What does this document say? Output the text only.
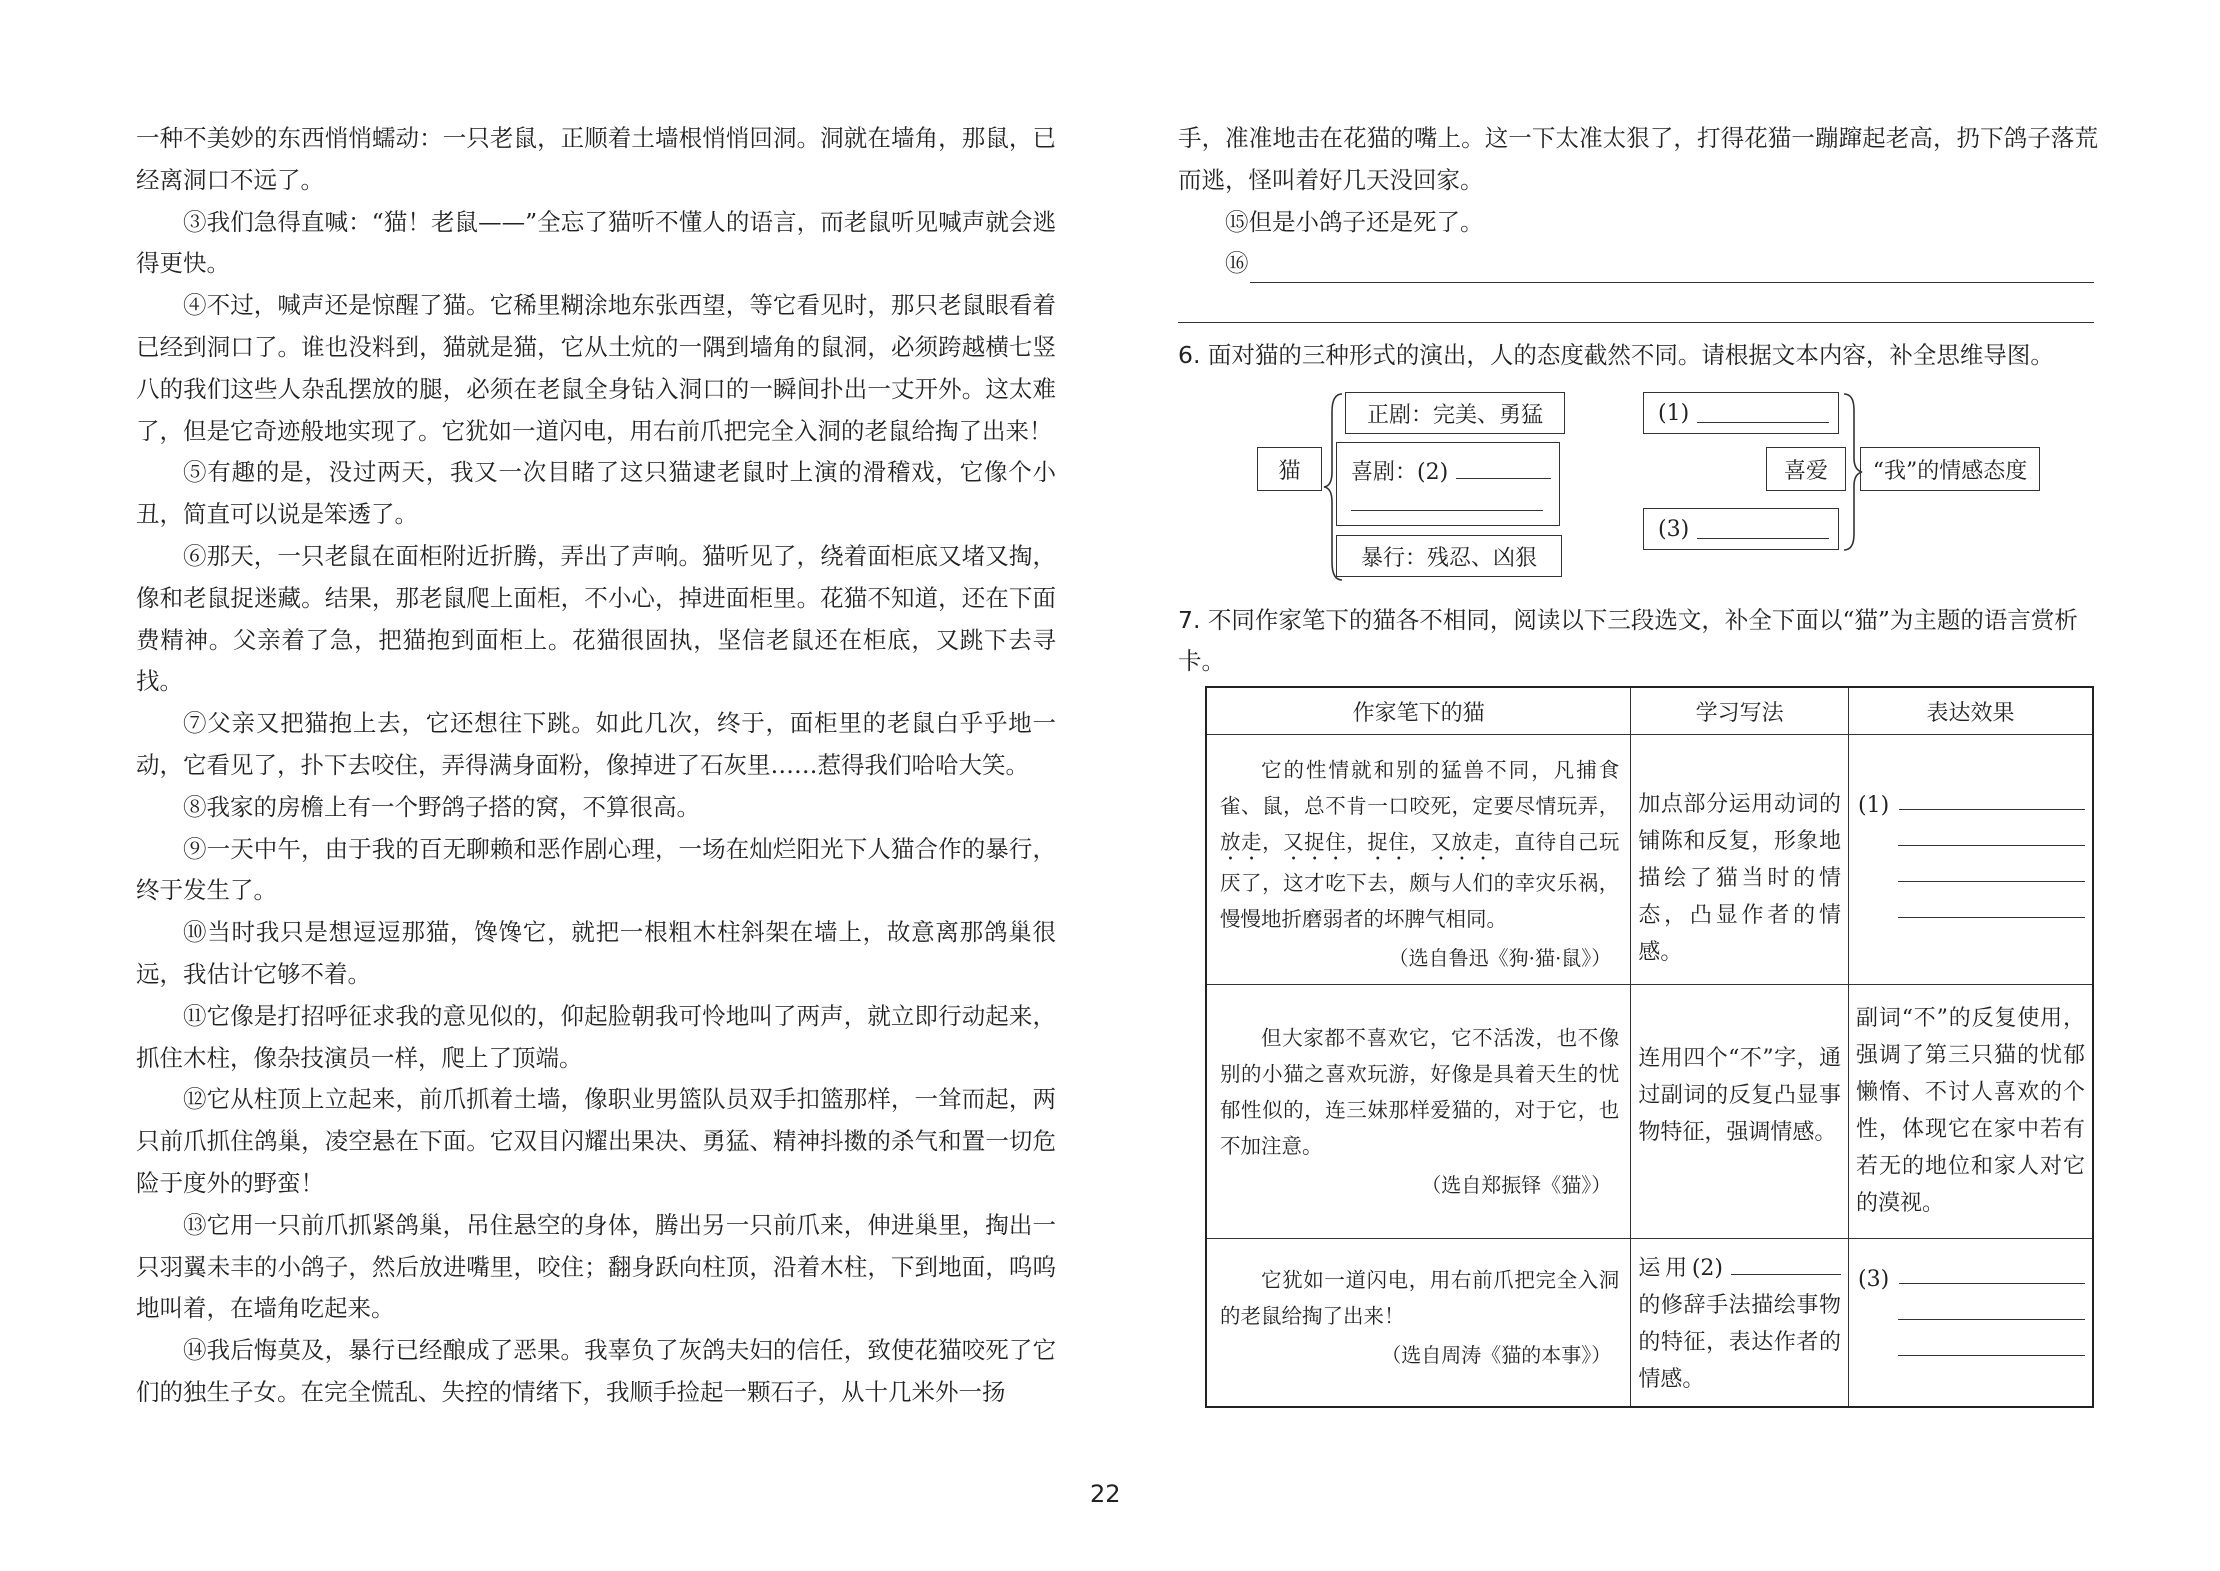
一种不美妙的东西悄悄蠕动：一只老鼠，正顺着土墙根悄悄回洞。洞就在墙角，那鼠，已经离洞口不远了。

③我们急得直喊：“猫！老鼠——”全忘了猫听不懂人的语言，而老鼠听见喊声就会逃得更快。

④不过，喊声还是惊醒了猫。它稀里糊涂地东张西望，等它看见时，那只老鼠眼看着已经到洞口了。谁也没料到，猫就是猫，它从土炕的一隅到墙角的鼠洞，必须跨越横七竖八的我们这些人杂乱摆放的腿，必须在老鼠全身钻入洞口的一瞬间扑出一丈开外。这太难了，但是它奇迹般地实现了。它犹如一道闪电，用右前爪把完全入洞的老鼠给掏了出来！

⑤有趣的是，没过两天，我又一次目睹了这只猫逮老鼠时上演的滑稽戏，它像个小丑，简直可以说是笨透了。

⑥那天，一只老鼠在面柜附近折腾，弄出了声响。猫听见了，绕着面柜底又堵又掏，像和老鼠捉迷藏。结果，那老鼠爬上面柜，不小心，掉进面柜里。花猫不知道，还在下面费精神。父亲着了急，把猫抱到面柜上。花猫很固执，坚信老鼠还在柜底，又跳下去寻找。

⑦父亲又把猫抱上去，它还想往下跳。如此几次，终于，面柜里的老鼠白乎乎地一动，它看见了，扑下去咬住，弄得满身面粉，像掉进了石灰里……惹得我们哈哈大笑。

⑧我家的房檐上有一个野鸽子搭的窝，不算很高。

⑨一天中午，由于我的百无聊赖和恶作剧心理，一场在灿烂阳光下人猫合作的暴行，终于发生了。

⑩当时我只是想逗逗那猫，馋馋它，就把一根粗木柱斜架在墙上，故意离那鸽巢很远，我估计它够不着。

⑪它像是打招呼征求我的意见似的，仰起脸朝我可怜地叫了两声，就立即行动起来，抓住木柱，像杂技演员一样，爬上了顶端。

⑫它从柱顶上立起来，前爪抓着土墙，像职业男篮队员双手扣篮那样，一耸而起，两只前爪抓住鸽巢，凌空悬在下面。它双目闪耀出果决、勇猛、精神抖擞的杀气和置一切危险于度外的野蛮！

⑬它用一只前爪抓紧鸽巢，吊住悬空的身体，腾出另一只前爪来，伸进巢里，掏出一只羽翼未丰的小鸽子，然后放进嘴里，咬住；翻身跃向柱顶，沿着木柱，下到地面，呜呜地叫着，在墙角吃起来。

⑭我后悔莫及，暴行已经酿成了恶果。我辜负了灰鸽夫妇的信任，致使花猫咬死了它们的独生子女。在完全慌乱、失控的情绪下，我顺手捡起一颗石子，从十几米外一扬

手，准准地击在花猫的嘴上。这一下太准太狠了，打得花猫一蹦蹿起老高，扔下鸽子落荒而逃，怪叫着好几天没回家。

⑮但是小鸽子还是死了。

⑯

6. 面对猫的三种形式的演出，人的态度截然不同。请根据文本内容，补全思维导图。
猫
正剧：完美、勇猛
喜剧：(2)
暴行：残忍、凶狠
(1)
喜爱
(3)
“我”的情感态度
7. 不同作家笔下的猫各不相同，阅读以下三段选文，补全下面以“猫”为主题的语言赏析卡。
作家笔下的猫	学习写法	表达效果

它的性情就和别的猛兽不同，凡捕食雀、鼠，总不肯一口咬死，定要尽情玩弄，放走，又捉住，捉住，又放走，直待自己玩厌了，这才吃下去，颇与人们的幸灾乐祸，慢慢地折磨弱者的坏脾气相同。
（选自鲁迅《狗·猫·鼠》）	加点部分运用动词的铺陈和反复，形象地描绘了猫当时的情态，凸显作者的情感。	(1)

但大家都不喜欢它，它不活泼，也不像别的小猫之喜欢玩游，好像是具着天生的忧郁性似的，连三妹那样爱猫的，对于它，也不加注意。
（选自郑振铎《猫》）	连用四个“不”字，通过副词的反复凸显事物特征，强调情感。	副词“不”的反复使用，强调了第三只猫的忧郁懒惰、不讨人喜欢的个性，体现它在家中若有若无的地位和家人对它的漠视。

它犹如一道闪电，用右前爪把完全入洞的老鼠给掏了出来！
（选自周涛《猫的本事》）	运用(2)的修辞手法描绘事物的特征，表达作者的情感。	(3)
22
